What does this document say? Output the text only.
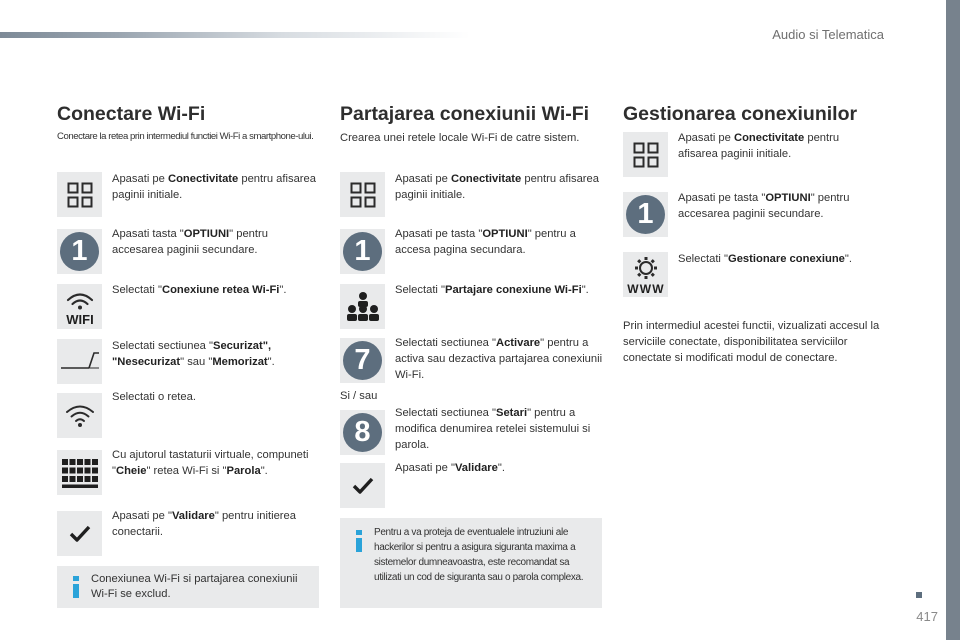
Audio si Telematica
Conectare Wi-Fi
Conectare la retea prin intermediul functiei Wi-Fi a smartphone-ului.
Apasati pe Conectivitate pentru afisarea paginii initiale.
1
Apasati tasta "OPTIUNI" pentru accesarea paginii secundare.
WIFI
Selectati "Conexiune retea Wi-Fi".
Selectati sectiunea "Securizat", "Nesecurizat" sau "Memorizat".
Selectati o retea.
Cu ajutorul tastaturii virtuale, compuneti "Cheie" retea Wi-Fi si "Parola".
Apasati pe "Validare" pentru initierea conectarii.
Conexiunea Wi-Fi si partajarea conexiunii Wi-Fi se exclud.
Partajarea conexiunii Wi-Fi
Crearea unei retele locale Wi-Fi de catre sistem.
Apasati pe Conectivitate pentru afisarea paginii initiale.
1
Apasati pe tasta "OPTIUNI" pentru a accesa pagina secundara.
Selectati "Partajare conexiune Wi-Fi".
7
Selectati sectiunea "Activare" pentru a activa sau dezactiva partajarea conexiunii Wi-Fi.
Si / sau
8
Selectati sectiunea "Setari" pentru a modifica denumirea retelei sistemului si parola.
Apasati pe "Validare".
Pentru a va proteja de eventualele intruziuni ale hackerilor si pentru a asigura siguranta maxima a sistemelor dumneavoastra, este recomandat sa utilizati un cod de siguranta sau o parola complexa.
Gestionarea conexiunilor
Apasati pe Conectivitate pentru afisarea paginii initiale.
1	Apasati pe tasta "OPTIUNI" pentru accesarea paginii secundare.
WWW
Selectati "Gestionare conexiune".
Prin intermediul acestei functii, vizualizati accesul la serviciile conectate, disponibilitatea serviciilor conectate si modificati modul de conectare.
417
